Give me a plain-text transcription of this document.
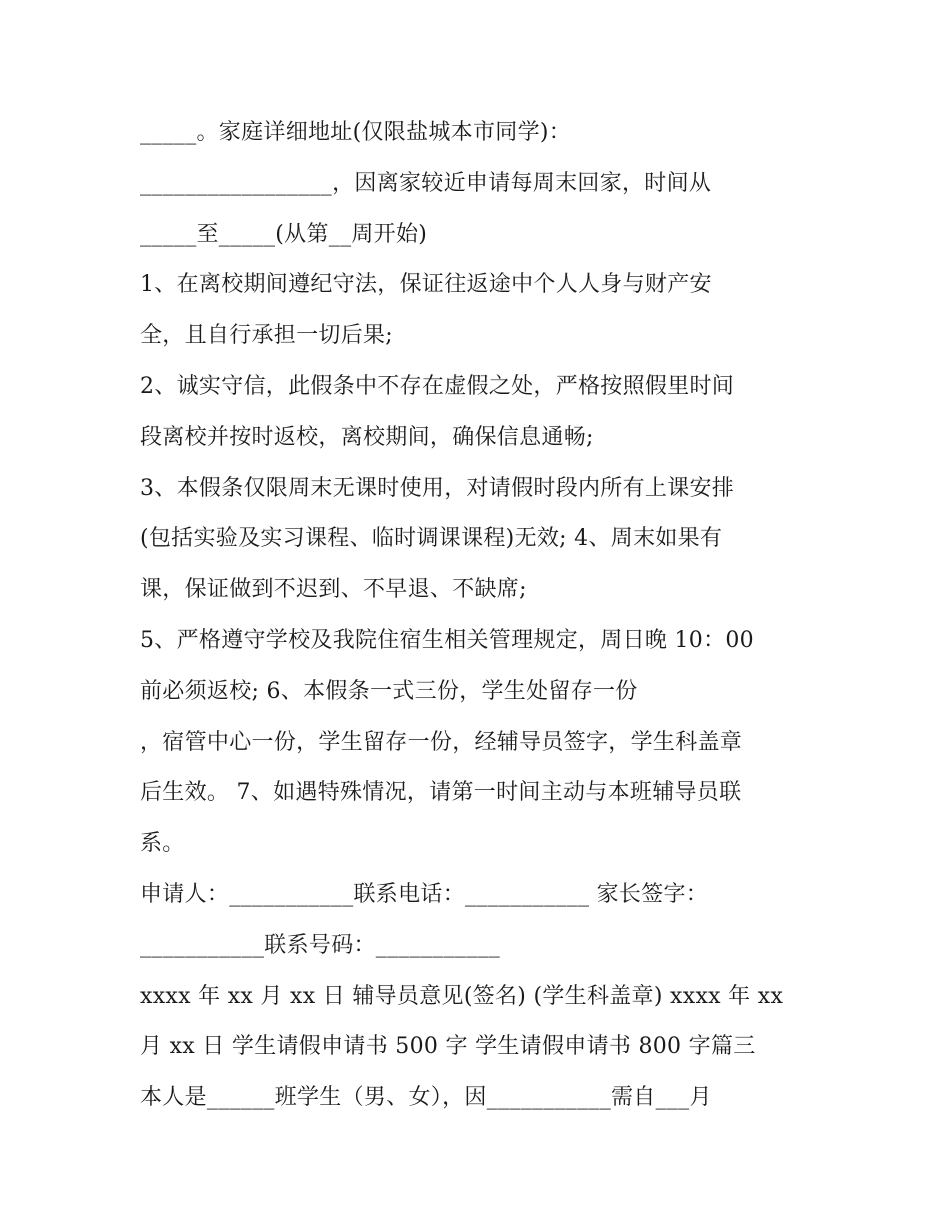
_____。家庭详细地址(仅限盐城本市同学)：
_________________，因离家较近申请每周末回家，时间从
_____至_____(从第__周开始)
1、在离校期间遵纪守法，保证往返途中个人人身与财产安
全，且自行承担一切后果;
2、诚实守信，此假条中不存在虚假之处，严格按照假里时间
段离校并按时返校，离校期间，确保信息通畅;
3、本假条仅限周末无课时使用，对请假时段内所有上课安排
(包括实验及实习课程、临时调课课程)无效; 4、周末如果有
课，保证做到不迟到、不早退、不缺席;
5、严格遵守学校及我院住宿生相关管理规定，周日晚 10：00
前必须返校; 6、本假条一式三份，学生处留存一份
，宿管中心一份，学生留存一份，经辅导员签字，学生科盖章
后生效。 7、如遇特殊情况，请第一时间主动与本班辅导员联
系。
申请人：___________联系电话：___________ 家长签字：
___________联系号码：___________
xxxx 年 xx 月 xx 日 辅导员意见(签名) (学生科盖章) xxxx 年 xx
月 xx 日 学生请假申请书 500 字 学生请假申请书 800 字篇三
本人是______班学生（男、女），因___________需自___月
